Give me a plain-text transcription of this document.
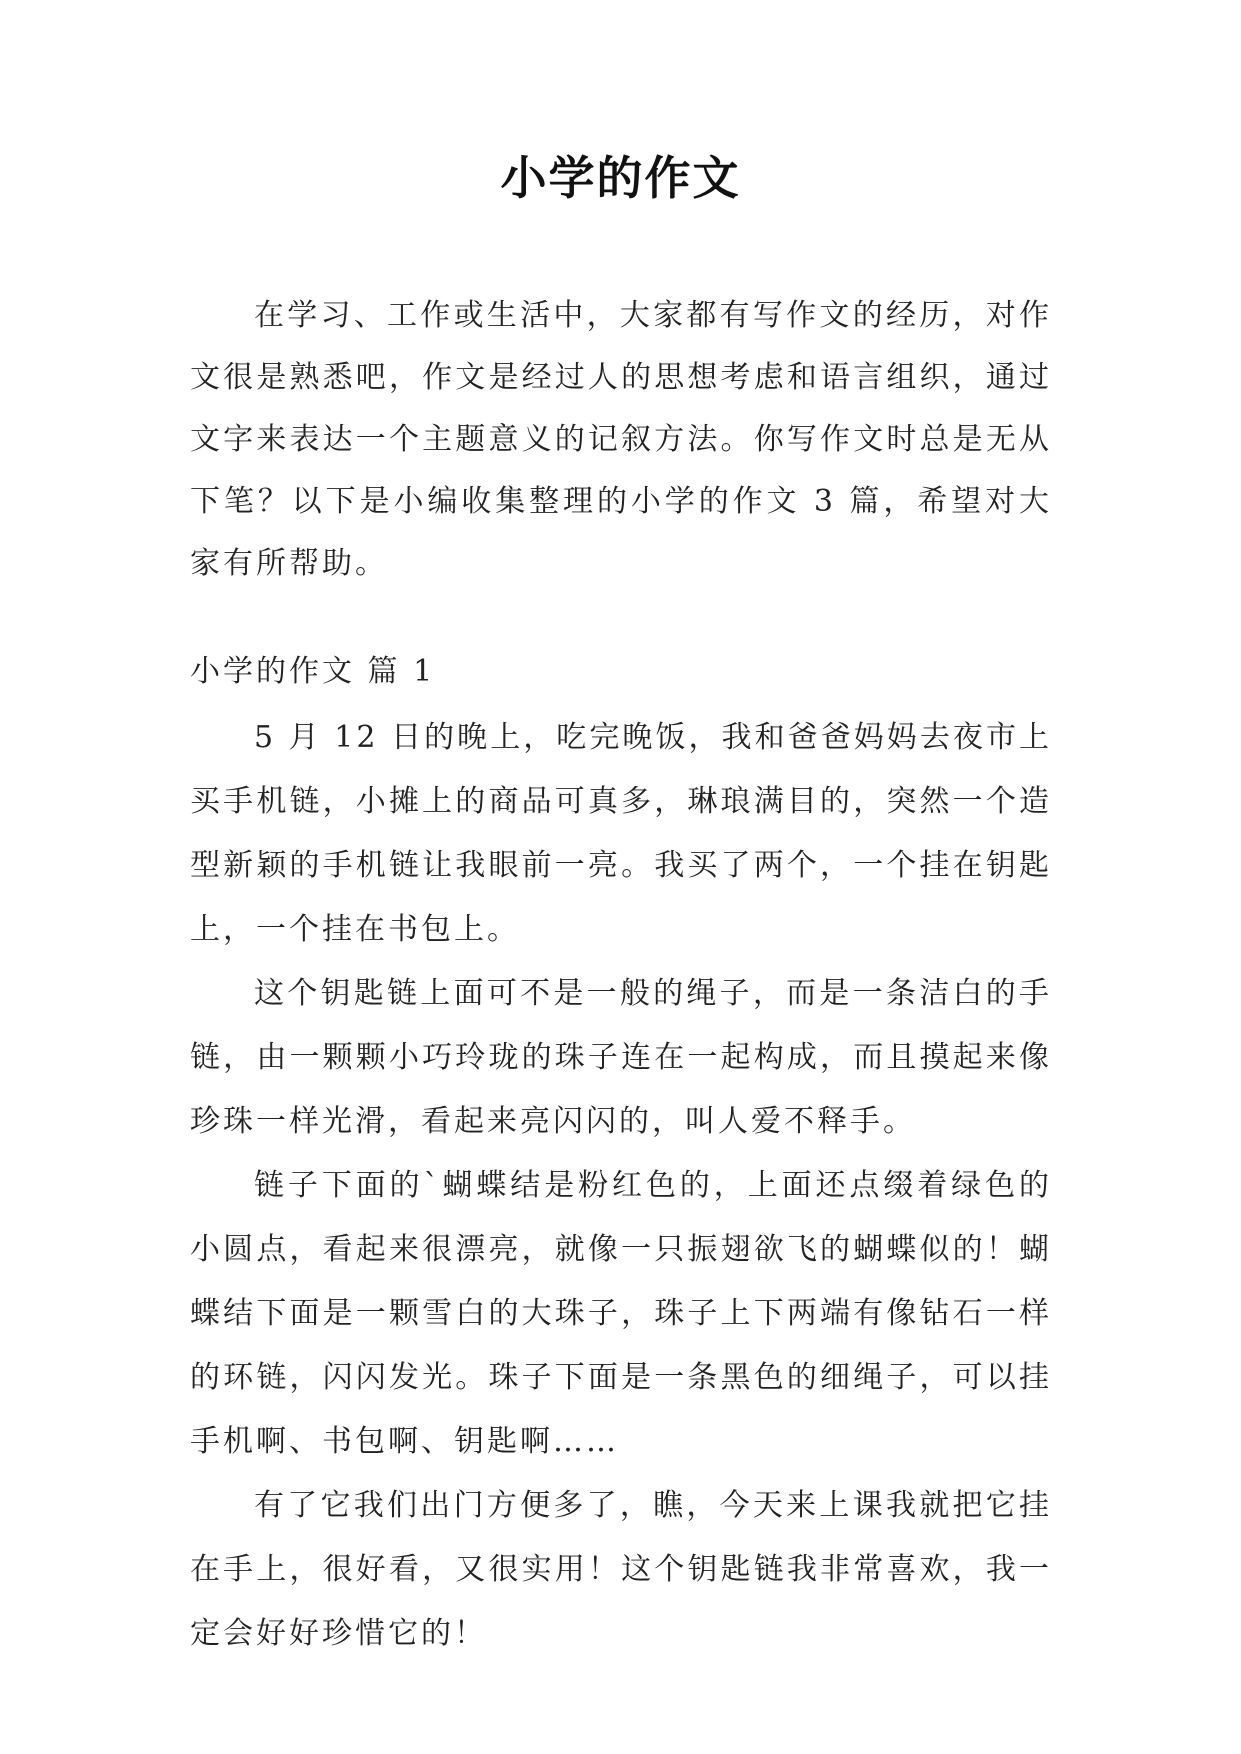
小学的作文

在学习、工作或生活中，大家都有写作文的经历，对作文很是熟悉吧，作文是经过人的思想考虑和语言组织，通过文字来表达一个主题意义的记叙方法。你写作文时总是无从下笔？以下是小编收集整理的小学的作文 3 篇，希望对大家有所帮助。

小学的作文 篇 1

5 月 12 日的晚上，吃完晚饭，我和爸爸妈妈去夜市上买手机链，小摊上的商品可真多，琳琅满目的，突然一个造型新颖的手机链让我眼前一亮。我买了两个，一个挂在钥匙上，一个挂在书包上。

这个钥匙链上面可不是一般的绳子，而是一条洁白的手链，由一颗颗小巧玲珑的珠子连在一起构成，而且摸起来像珍珠一样光滑，看起来亮闪闪的，叫人爱不释手。

链子下面的`蝴蝶结是粉红色的，上面还点缀着绿色的小圆点，看起来很漂亮，就像一只振翅欲飞的蝴蝶似的！蝴蝶结下面是一颗雪白的大珠子，珠子上下两端有像钻石一样的环链，闪闪发光。珠子下面是一条黑色的细绳子，可以挂手机啊、书包啊、钥匙啊……

有了它我们出门方便多了，瞧，今天来上课我就把它挂在手上，很好看，又很实用！这个钥匙链我非常喜欢，我一定会好好珍惜它的！
